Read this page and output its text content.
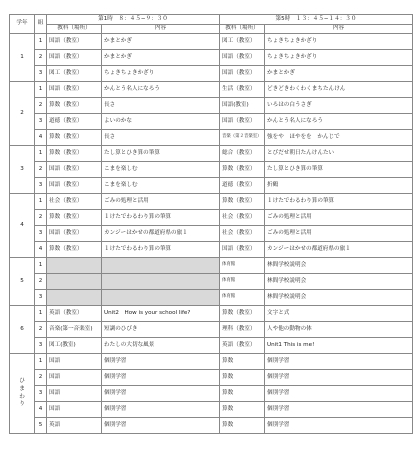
学年	組	第1時　８：４５−９：３０		第5時　１３：４５−１４：３０	
		教科（場所）	内容	教科（場所）	内容
1	1	国語（教室）	かまとかぎ	図工（教室）	ちょきちょきかざり
	2	国語（教室）	かまとかぎ	国語（教室）	ちょきちょきかざり
	3	図工（教室）	ちょきちょきかざり	国語（教室）	かまとかぎ
2	1	国語（教室）	かんとう名人になろう	生活（教室）	どきどきわくわくまちたんけん
	2	算数（教室）	長さ	国語(教室)	いろはの白うさぎ
	3	道徳（教室）	よいのかな	国語（教室）	かんとう名人になろう
	4	算数（教室）	長さ	音楽（第２音楽室）	強をや　ほやをを　かんじで
3	1	算数（教室）	たし算とひき算の筆算	総合（教室）	とびだせ朝日たんけんたい
	2	国語（教室）	こまを楽しむ	算数（教室）	たし算とひき算の筆算
	3	国語（教室）	こまを楽しむ	道徳（教室）	折鶴
4	1	社会（教室）	ごみの処理と活用	算数（教室）	１けたでわるわり算の筆算
	2	算数（教室）	１けたでわるわり算の筆算	社会（教室）	ごみの処理と活用
	3	国語（教室）	カンジーはかせの都道府県の旅１	社会（教室）	ごみの処理と活用
	4	算数（教室）	１けたでわるわり算の筆算	国語（教室）	カンジーはかせの都道府県の旅１
5	1			体育館	林間学校説明会
	2			体育館	林間学校説明会
	3			体育館	林間学校説明会
6	1	英語（教室）	Unit2　How is your school life?	算数（教室）	文字と式
	2	音楽(第一音楽室)	短調のひびき	理科（教室）	人や他の動物の体
	3	図工(教室)	わたしの大切な風景	英語（教室）	Unit1 This is me!

ひ
ま
わ
り	1	国語	個別学習	算数	個別学習
	2	国語	個別学習	算数	個別学習
	3	国語	個別学習	算数	個別学習
	4	国語	個別学習	算数	個別学習
	5	英語	個別学習	算数	個別学習
